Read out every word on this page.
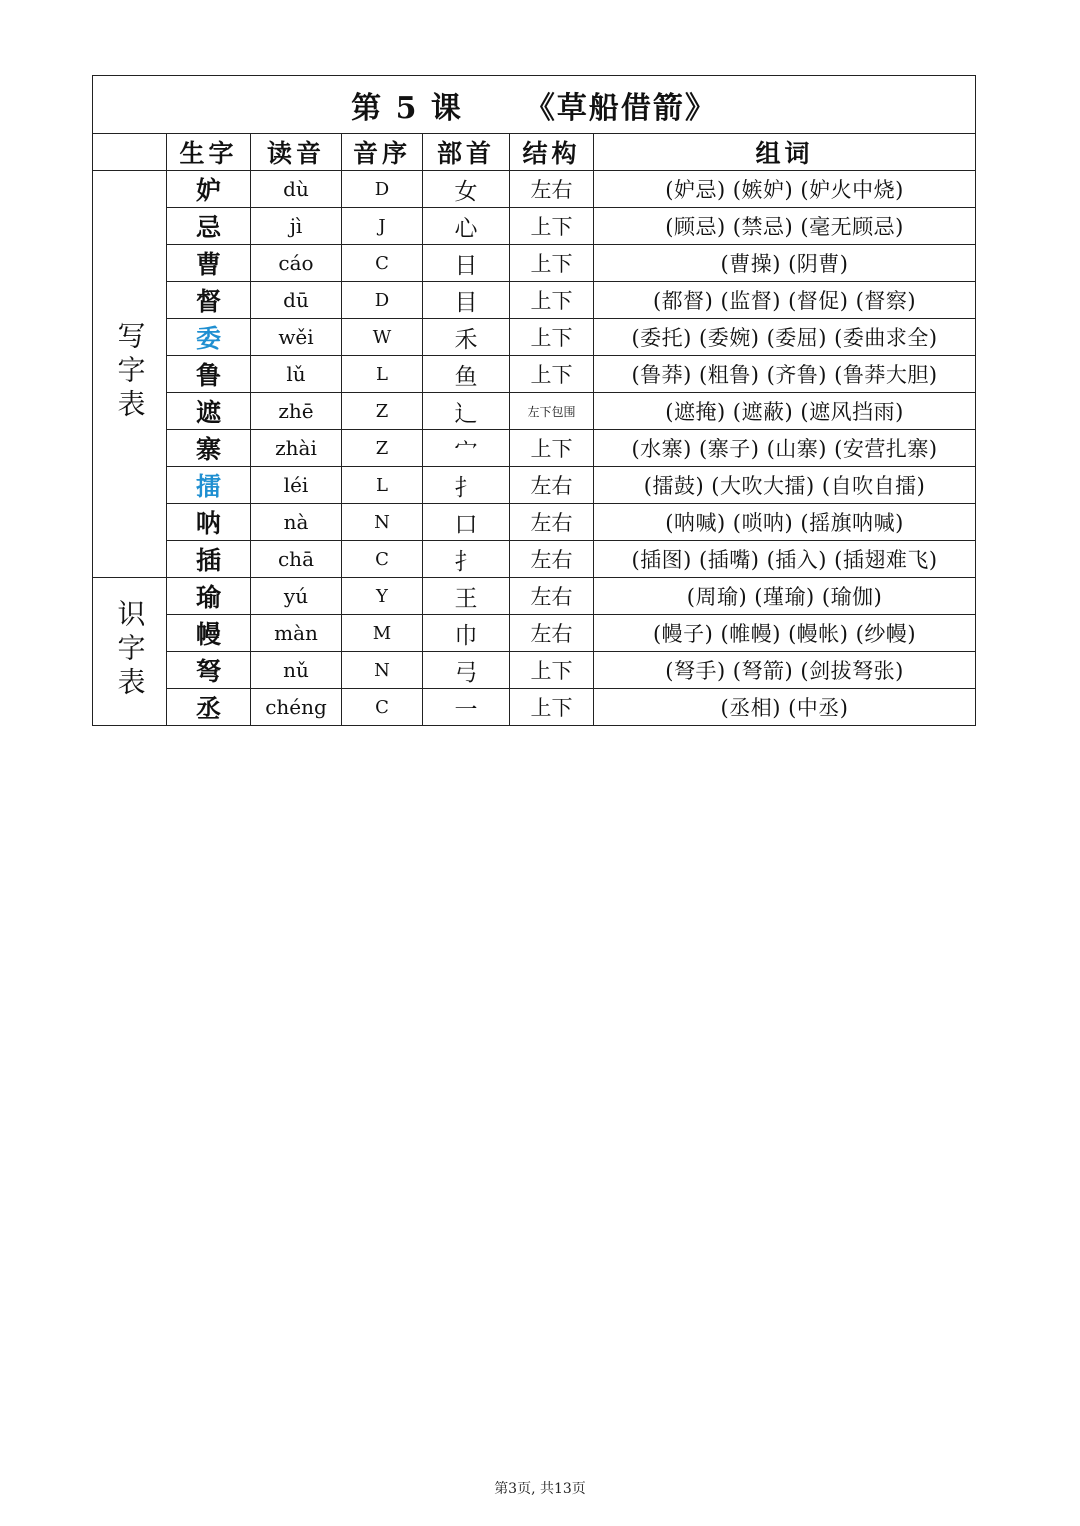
第 5 课 《草船借箭》						
	生字	读音	音序	部首	结构	组词
写字表	妒	dù	D	女	左右	(妒忌) (嫉妒) (妒火中烧)
	忌	jì	J	心	上下	(顾忌) (禁忌) (毫无顾忌)
	曹	cáo	C	日	上下	(曹操) (阴曹)
	督	dū	D	目	上下	(都督) (监督) (督促) (督察)
	委	wěi	W	禾	上下	(委托) (委婉) (委屈) (委曲求全)
	鲁	lǔ	L	鱼	上下	(鲁莽) (粗鲁) (齐鲁) (鲁莽大胆)
	遮	zhē	Z	辶	左下包围	(遮掩) (遮蔽) (遮风挡雨)
	寨	zhài	Z	宀	上下	(水寨) (寨子) (山寨) (安营扎寨)
	擂	léi	L	扌	左右	(擂鼓) (大吹大擂) (自吹自擂)
	呐	nà	N	口	左右	(呐喊) (唢呐) (摇旗呐喊)
	插	chā	C	扌	左右	(插图) (插嘴) (插入) (插翅难飞)
识字表	瑜	yú	Y	王	左右	(周瑜) (瑾瑜) (瑜伽)
	幔	màn	M	巾	左右	(幔子) (帷幔) (幔帐) (纱幔)
	弩	nǔ	N	弓	上下	(弩手) (弩箭) (剑拔弩张)
	丞	chéng	C	一	上下	(丞相) (中丞)
第3页, 共13页
